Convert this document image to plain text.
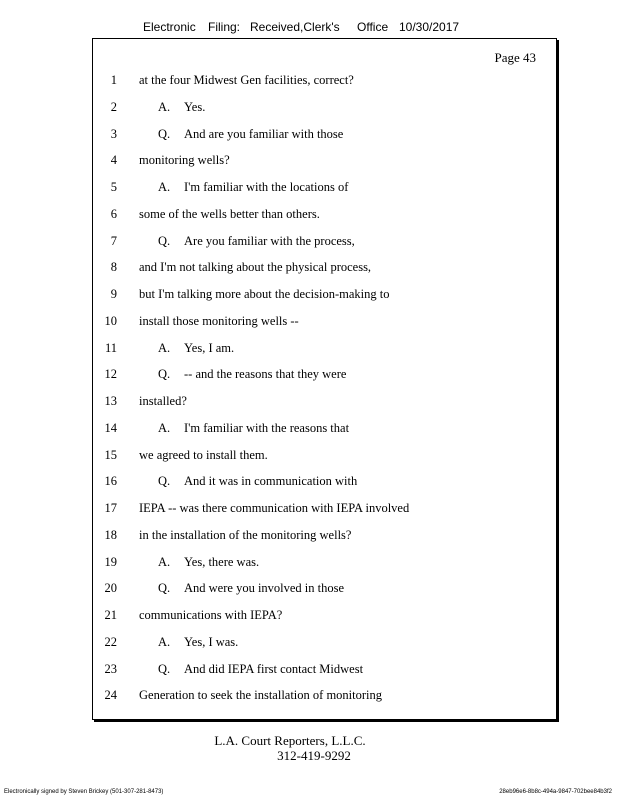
Electronic Filing: Received,Clerk's Office 10/30/2017
Page 43
1 at the four Midwest Gen facilities, correct?
2	A. Yes.
3	Q. And are you familiar with those
4 monitoring wells?
5	A. I'm familiar with the locations of
6 some of the wells better than others.
7	Q. Are you familiar with the process,
8 and I'm not talking about the physical process,
9 but I'm talking more about the decision-making to
10 install those monitoring wells --
11	A. Yes, I am.
12	Q. -- and the reasons that they were
13 installed?
14	A. I'm familiar with the reasons that
15 we agreed to install them.
16	Q. And it was in communication with
17 IEPA -- was there communication with IEPA involved
18 in the installation of the monitoring wells?
19	A. Yes, there was.
20	Q. And were you involved in those
21 communications with IEPA?
22	A. Yes, I was.
23	Q. And did IEPA first contact Midwest
24 Generation to seek the installation of monitoring
L.A. Court Reporters, L.L.C.
312-419-9292
Electronically signed by Steven Brickey (501-307-281-8473)	28eb96e6-8b8c-494a-9847-702bee84b3f2
